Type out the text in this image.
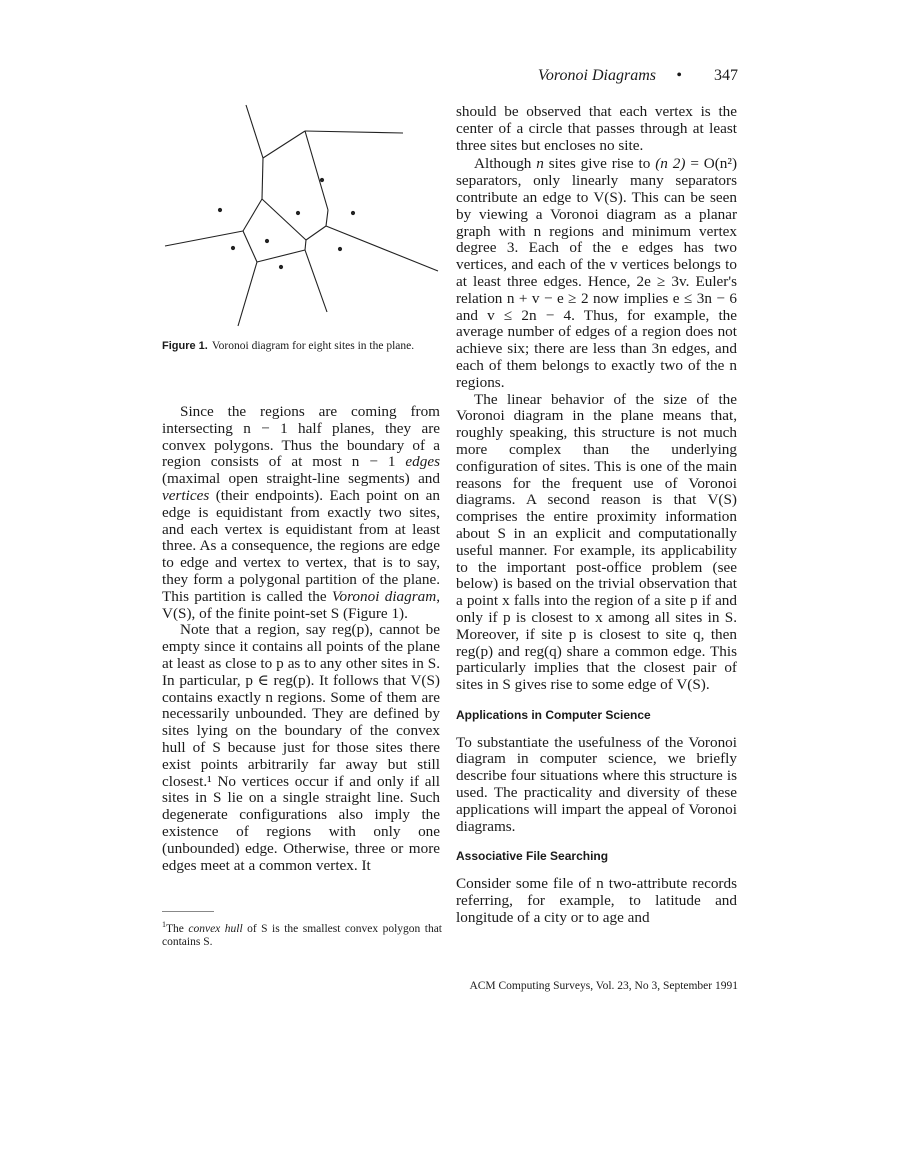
Voronoi Diagrams • 347
Figure 1. Voronoi diagram for eight sites in the plane.

should be observed that each vertex is the center of a circle that passes through at least three sites but encloses no site.

Although n sites give rise to (n 2) = O(n²) separators, only linearly many separators contribute an edge to V(S). This can be seen by viewing a Voronoi diagram as a planar graph with n regions and minimum vertex degree 3. Each of the e edges has two vertices, and each of the v vertices belongs to at least three edges. Hence, 2e ≥ 3v. Euler's relation n + v − e ≥ 2 now implies e ≤ 3n − 6 and v ≤ 2n − 4. Thus, for example, the average number of edges of a region does not achieve six; there are less than 3n edges, and each of them belongs to exactly two of the n regions.

The linear behavior of the size of the Voronoi diagram in the plane means that, roughly speaking, this structure is not much more complex than the underlying configuration of sites. This is one of the main reasons for the frequent use of Voronoi diagrams. A second reason is that V(S) comprises the entire proximity information about S in an explicit and computationally useful manner. For example, its applicability to the important post-office problem (see below) is based on the trivial observation that a point x falls into the region of a site p if and only if p is closest to x among all sites in S. Moreover, if site p is closest to site q, then reg(p) and reg(q) share a common edge. This particularly implies that the closest pair of sites in S gives rise to some edge of V(S).

Applications in Computer Science

To substantiate the usefulness of the Voronoi diagram in computer science, we briefly describe four situations where this structure is used. The practicality and diversity of these applications will impart the appeal of Voronoi diagrams.

Associative File Searching

Consider some file of n two-attribute records referring, for example, to latitude and longitude of a city or to age and

Since the regions are coming from intersecting n − 1 half planes, they are convex polygons. Thus the boundary of a region consists of at most n − 1 edges (maximal open straight-line segments) and vertices (their endpoints). Each point on an edge is equidistant from exactly two sites, and each vertex is equidistant from at least three. As a consequence, the regions are edge to edge and vertex to vertex, that is to say, they form a polygonal partition of the plane. This partition is called the Voronoi diagram, V(S), of the finite point-set S (Figure 1).

Note that a region, say reg(p), cannot be empty since it contains all points of the plane at least as close to p as to any other sites in S. In particular, p ∈ reg(p). It follows that V(S) contains exactly n regions. Some of them are necessarily unbounded. They are defined by sites lying on the boundary of the convex hull of S because just for those sites there exist points arbitrarily far away but still closest.¹ No vertices occur if and only if all sites in S lie on a single straight line. Such degenerate configurations also imply the existence of regions with only one (unbounded) edge. Otherwise, three or more edges meet at a common vertex. It

$^1$The convex hull of S is the smallest convex polygon that contains S.
ACM Computing Surveys, Vol. 23, No 3, September 1991
